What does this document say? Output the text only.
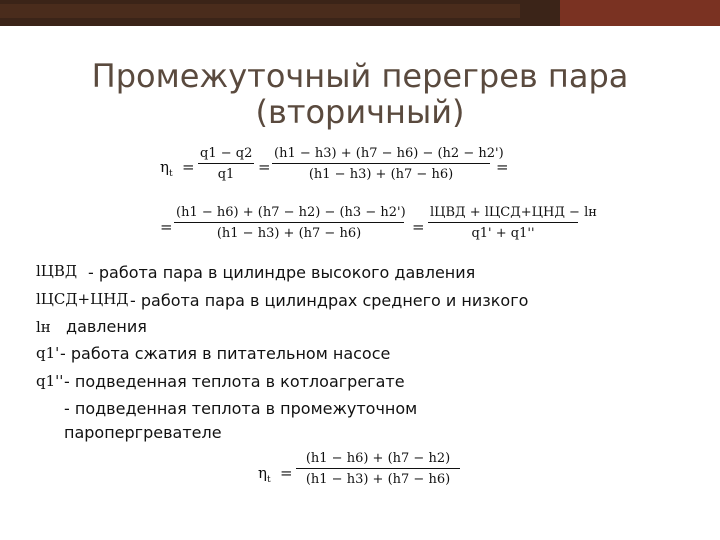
Промежуточный перегрев пара
(вторичный)
$\eta_t$ =
q1 − q2
q1	=
(h1 − h3) + (h7 − h6) − (h2 − h2')
(h1 − h3) + (h7 − h6)	=
=
(h1 − h6) + (h7 − h2) − (h3 − h2')
(h1 − h3) + (h7 − h6)	=
lЦВД + lЦСД+ЦНД − lн
q1' + q1''
lЦВД - работа пара в цилиндре высокого давления
lЦСД+ЦНД - работа пара в цилиндрах среднего и низкого
lн давления
q1' - работа сжатия в питательном насосе
q1'' - подведенная теплота в котлоагрегате
- подведенная теплота в промежуточном
паропергревателе
$\eta_t$ =
(h1 − h6) + (h7 − h2)
(h1 − h3) + (h7 − h6)
